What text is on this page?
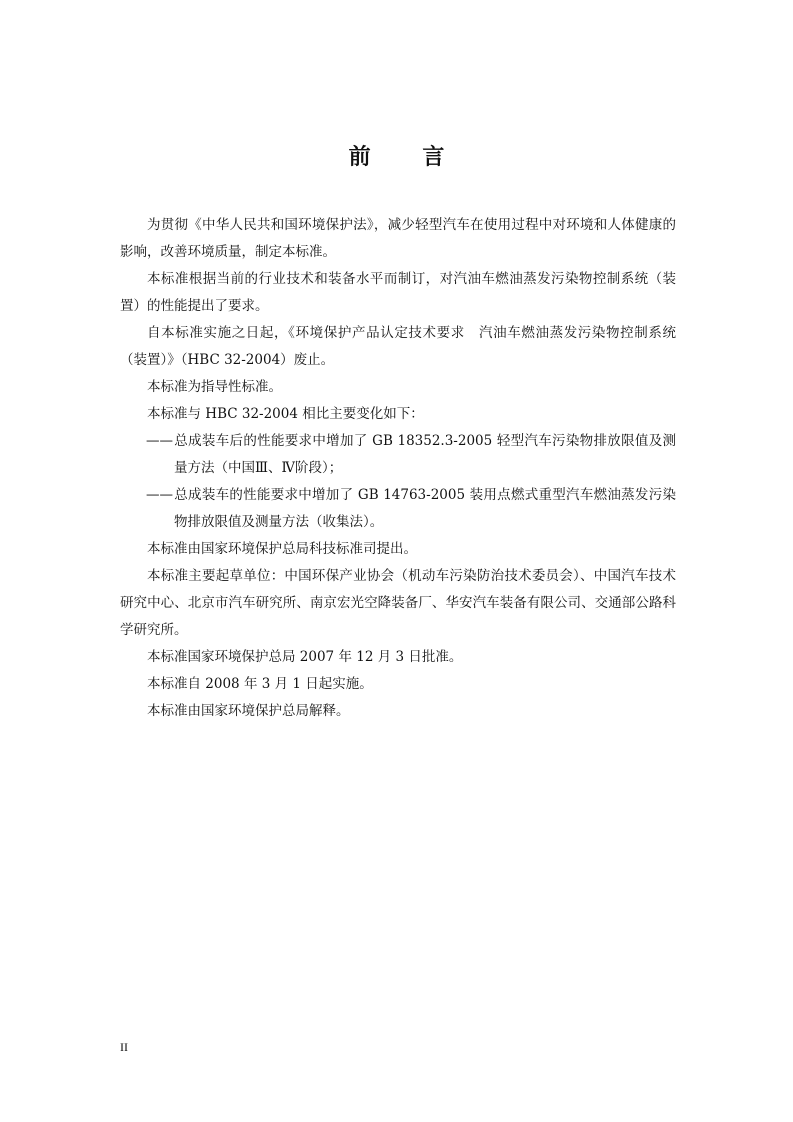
前 言

为贯彻《中华人民共和国环境保护法》，减少轻型汽车在使用过程中对环境和人体健康的影响，改善环境质量，制定本标准。

本标准根据当前的行业技术和装备水平而制订，对汽油车燃油蒸发污染物控制系统（装置）的性能提出了要求。

自本标准实施之日起，《环境保护产品认定技术要求　汽油车燃油蒸发污染物控制系统（装置）》（HBC 32-2004）废止。

本标准为指导性标准。

本标准与 HBC 32-2004 相比主要变化如下：

——总成装车后的性能要求中增加了 GB 18352.3-2005 轻型汽车污染物排放限值及测量方法（中国Ⅲ、Ⅳ阶段）；

——总成装车的性能要求中增加了 GB 14763-2005 装用点燃式重型汽车燃油蒸发污染物排放限值及测量方法（收集法）。

本标准由国家环境保护总局科技标准司提出。

本标准主要起草单位：中国环保产业协会（机动车污染防治技术委员会）、中国汽车技术研究中心、北京市汽车研究所、南京宏光空降装备厂、华安汽车装备有限公司、交通部公路科学研究所。

本标准国家环境保护总局 2007 年 12 月 3 日批准。

本标准自 2008 年 3 月 1 日起实施。

本标准由国家环境保护总局解释。

II
